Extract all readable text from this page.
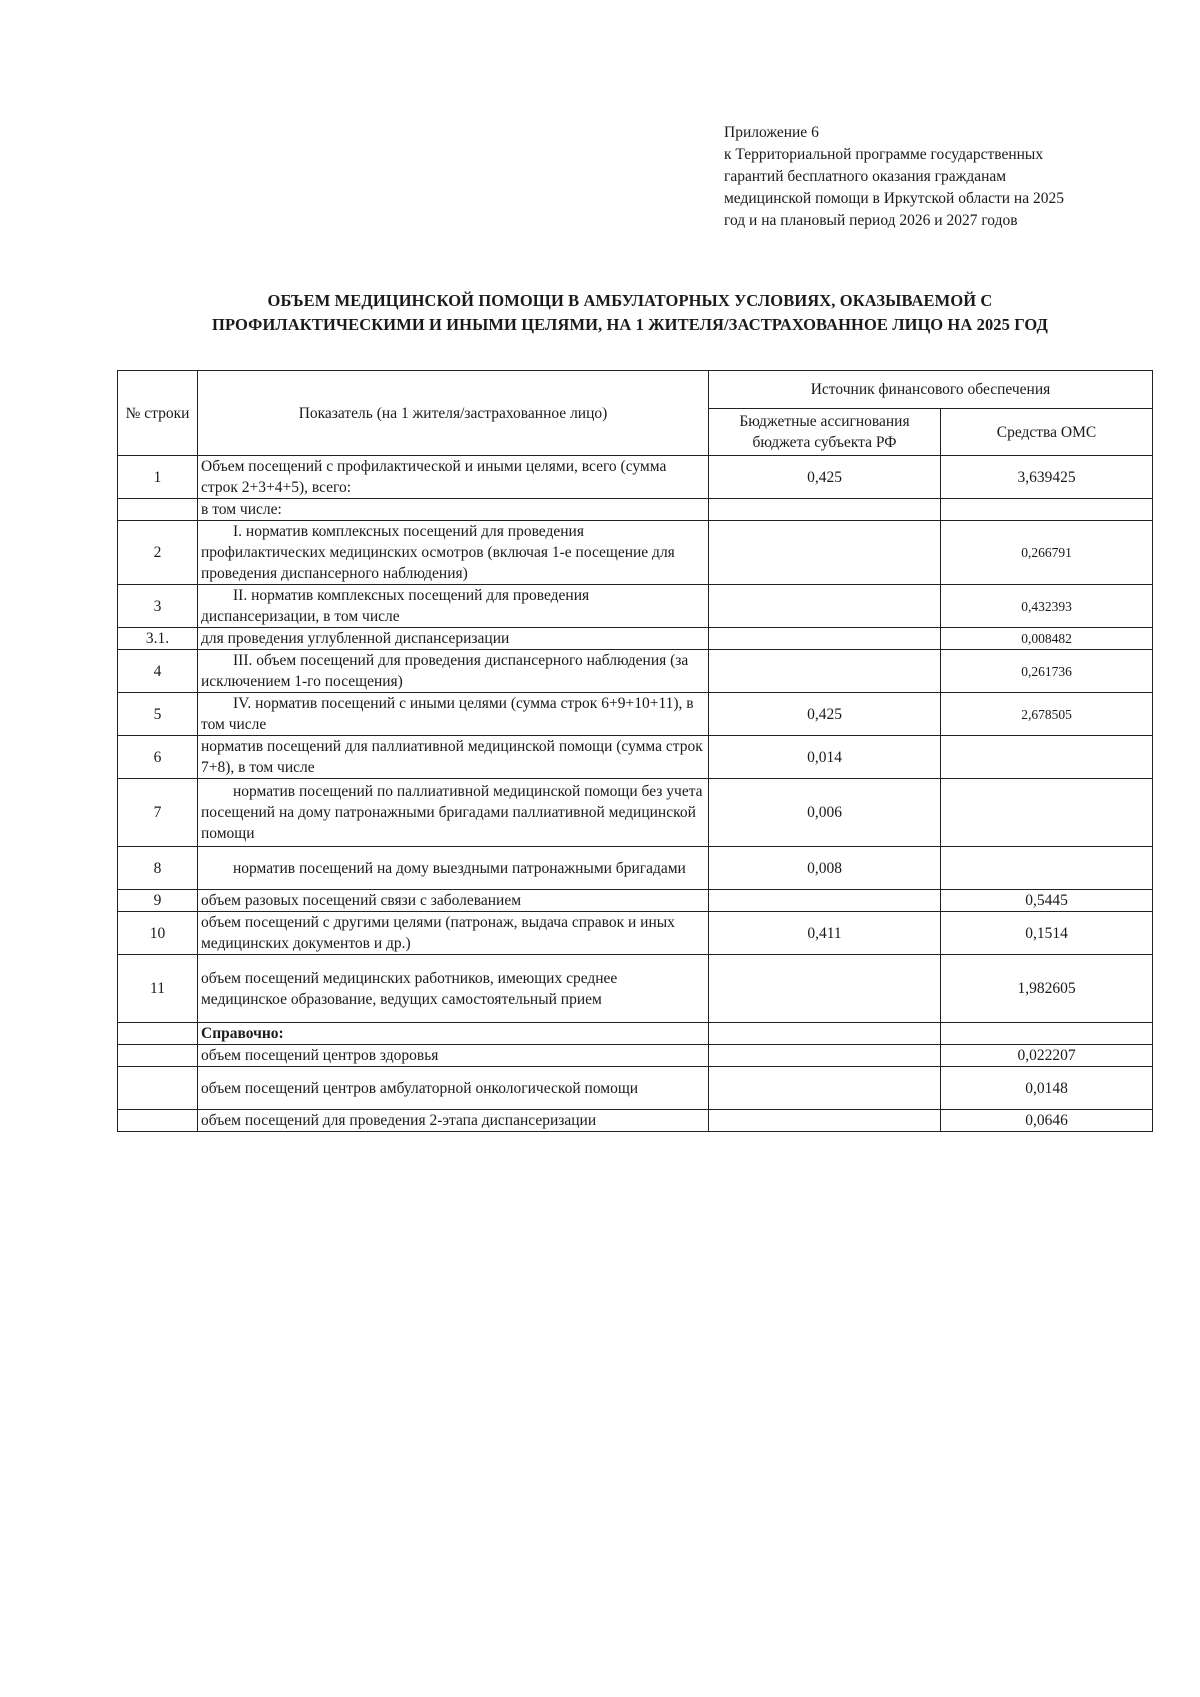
Приложение 6
к Территориальной программе государственных
гарантий бесплатного оказания гражданам
медицинской помощи в Иркутской области на 2025
год и на плановый период 2026 и 2027 годов
ОБЪЕМ МЕДИЦИНСКОЙ ПОМОЩИ В АМБУЛАТОРНЫХ УСЛОВИЯХ, ОКАЗЫВАЕМОЙ С
ПРОФИЛАКТИЧЕСКИМИ И ИНЫМИ ЦЕЛЯМИ, НА 1 ЖИТЕЛЯ/ЗАСТРАХОВАННОЕ ЛИЦО НА 2025 ГОД
№ строки	Показатель (на 1 жителя/застрахованное лицо)	Источник финансового обеспечения	
		Бюджетные ассигнования бюджета субъекта РФ	Средства ОМС
1	Объем посещений с профилактической и иными целями, всего (сумма строк 2+3+4+5), всего:	0,425	3,639425
	в том числе:		
2	I. норматив комплексных посещений для проведения профилактических медицинских осмотров (включая 1-е посещение для проведения диспансерного наблюдения)		0,266791
3	II. норматив комплексных посещений для проведения диспансеризации, в том числе		0,432393
3.1.	для проведения углубленной диспансеризации		0,008482
4	III. объем посещений для проведения диспансерного наблюдения (за исключением 1-го посещения)		0,261736
5	IV. норматив посещений с иными целями (сумма строк 6+9+10+11), в том числе	0,425	2,678505
6	норматив посещений для паллиативной медицинской помощи (сумма строк 7+8), в том числе	0,014	
7	норматив посещений по паллиативной медицинской помощи без учета посещений на дому патронажными бригадами паллиативной медицинской помощи	0,006	
8	норматив посещений на дому выездными патронажными бригадами	0,008	
9	объем разовых посещений связи с заболеванием		0,5445
10	объем посещений с другими целями (патронаж, выдача справок и иных медицинских документов и др.)	0,411	0,1514
11	объем посещений медицинских работников, имеющих среднее медицинское образование, ведущих самостоятельный прием		1,982605
	Справочно:		
	объем посещений центров здоровья		0,022207
	объем посещений центров амбулаторной онкологической помощи		0,0148
	объем посещений для проведения 2-этапа диспансеризации		0,0646
